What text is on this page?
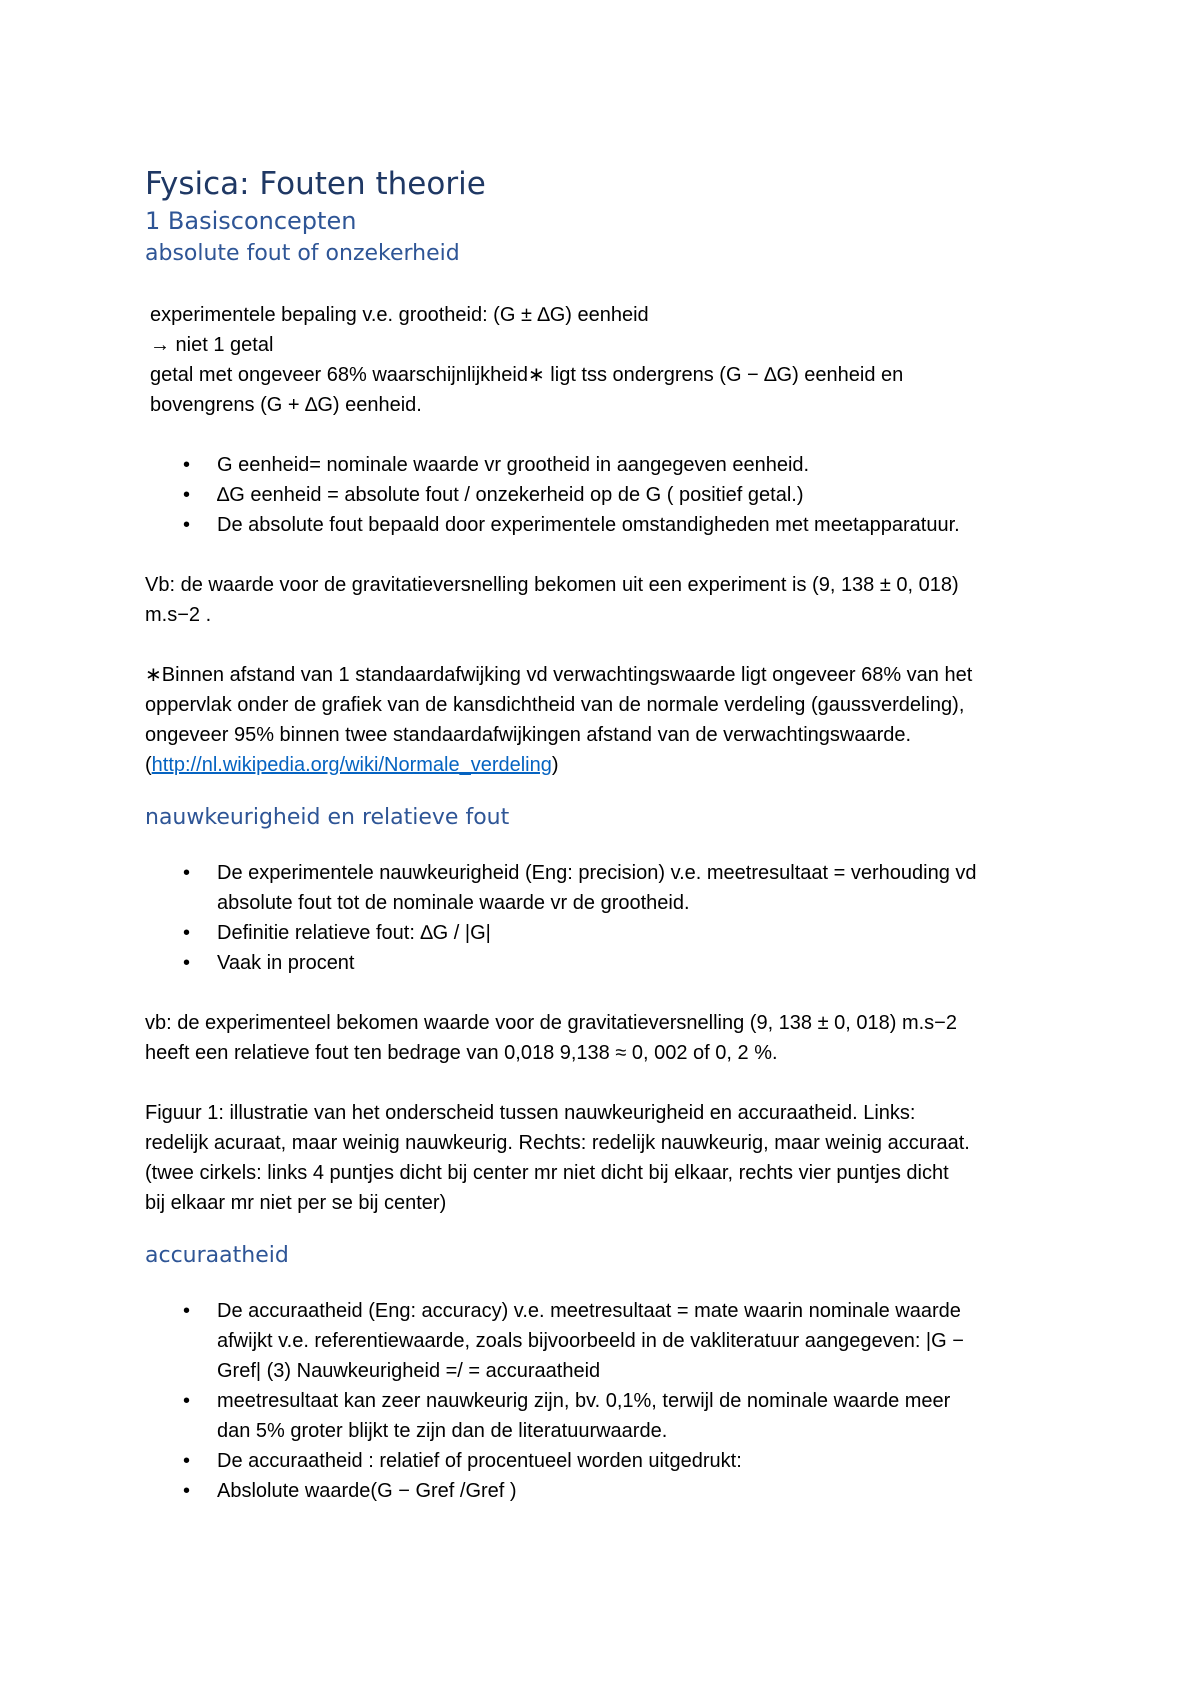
Fysica: Fouten theorie
1 Basisconcepten
absolute fout of onzekerheid

experimentele bepaling v.e. grootheid: (G ± ∆G) eenheid

→ niet 1 getal

getal met ongeveer 68% waarschijnlijkheid∗ ligt tss ondergrens (G − ∆G) eenheid en

bovengrens (G + ∆G) eenheid.

• G eenheid= nominale waarde vr grootheid in aangegeven eenheid.
• ∆G eenheid = absolute fout / onzekerheid op de G ( positief getal.)
• De absolute fout bepaald door experimentele omstandigheden met meetapparatuur.

Vb: de waarde voor de gravitatieversnelling bekomen uit een experiment is (9, 138 ± 0, 018)

m.s−2 .

∗Binnen afstand van 1 standaardafwijking vd verwachtingswaarde ligt ongeveer 68% van het

oppervlak onder de grafiek van de kansdichtheid van de normale verdeling (gaussverdeling),

ongeveer 95% binnen twee standaardafwijkingen afstand van de verwachtingswaarde.

(http://nl.wikipedia.org/wiki/Normale_verdeling)

nauwkeurigheid en relatieve fout
• De experimentele nauwkeurigheid (Eng: precision) v.e. meetresultaat = verhouding vd
absolute fout tot de nominale waarde vr de grootheid.
• Definitie relatieve fout: ∆G / |G|
• Vaak in procent

vb: de experimenteel bekomen waarde voor de gravitatieversnelling (9, 138 ± 0, 018) m.s−2

heeft een relatieve fout ten bedrage van 0,018 9,138 ≈ 0, 002 of 0, 2 %.

Figuur 1: illustratie van het onderscheid tussen nauwkeurigheid en accuraatheid. Links:

redelijk acuraat, maar weinig nauwkeurig. Rechts: redelijk nauwkeurig, maar weinig accuraat.

(twee cirkels: links 4 puntjes dicht bij center mr niet dicht bij elkaar, rechts vier puntjes dicht

bij elkaar mr niet per se bij center)

accuraatheid
• De accuraatheid (Eng: accuracy) v.e. meetresultaat = mate waarin nominale waarde
afwijkt v.e. referentiewaarde, zoals bijvoorbeeld in de vakliteratuur aangegeven: |G −
Gref| (3) Nauwkeurigheid =/ = accuraatheid
• meetresultaat kan zeer nauwkeurig zijn, bv. 0,1%, terwijl de nominale waarde meer
dan 5% groter blijkt te zijn dan de literatuurwaarde.
• De accuraatheid : relatief of procentueel worden uitgedrukt:
• Abslolute waarde(G − Gref /Gref )
